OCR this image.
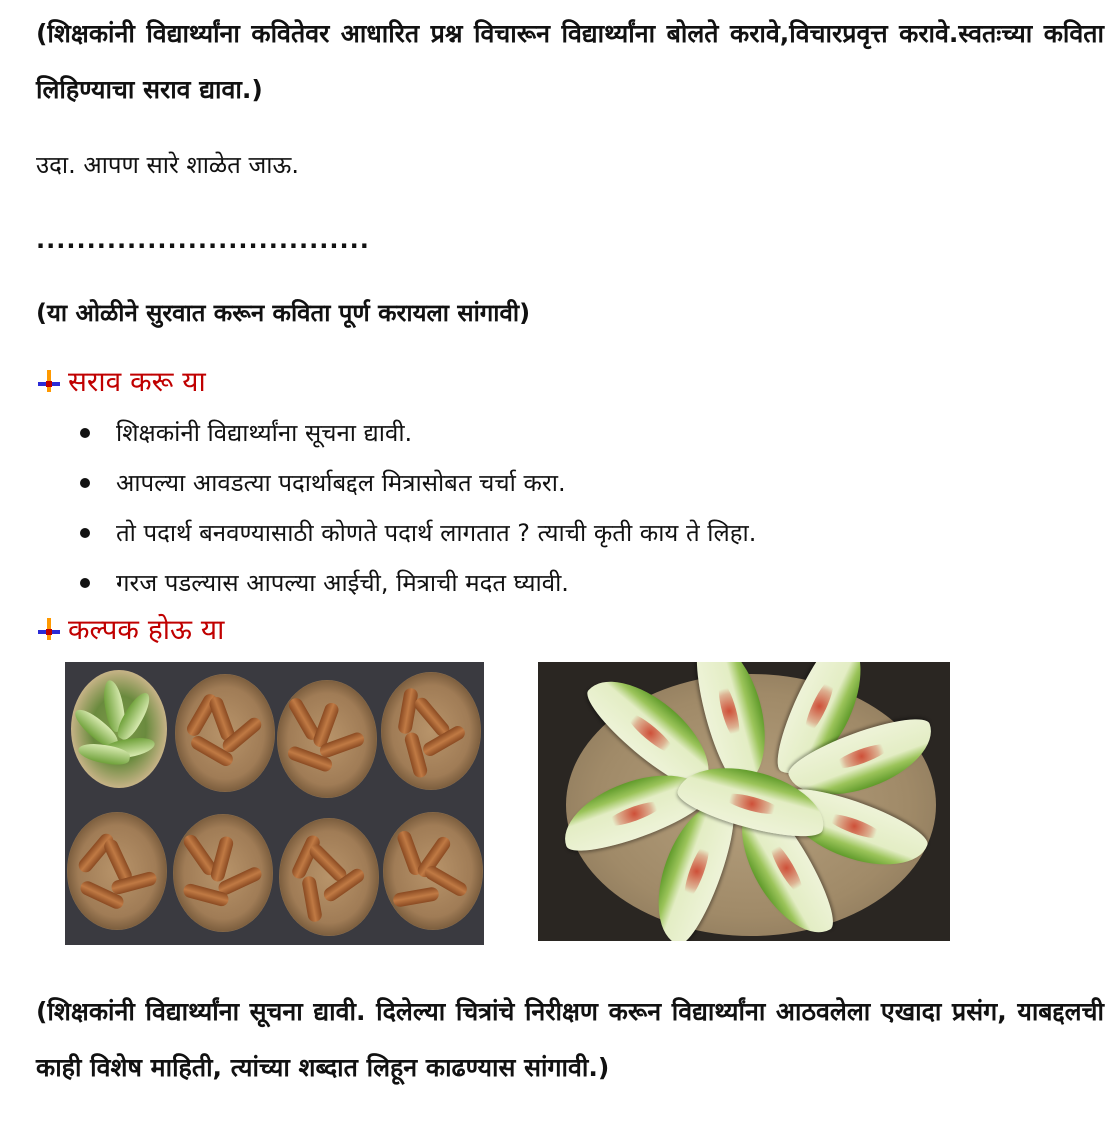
(शिक्षकांनी विद्यार्थ्यांना कवितेवर आधारित प्रश्न विचारून विद्यार्थ्यांना बोलते करावे,विचारप्रवृत्त करावे.स्वतःच्या कविता लिहिण्याचा सराव द्यावा.)

उदा. आपण सारे शाळेत जाऊ.

.................................

(या ओळीने सुरवात करून कविता पूर्ण करायला सांगावी)

सराव करू या
शिक्षकांनी विद्यार्थ्यांना सूचना द्यावी.
आपल्या आवडत्या पदार्थाबद्दल मित्रासोबत चर्चा करा.
तो पदार्थ बनवण्यासाठी कोणते पदार्थ लागतात ? त्याची कृती काय ते लिहा.
गरज पडल्यास आपल्या आईची, मित्राची मदत घ्यावी.
कल्पक होऊ या

(शिक्षकांनी विद्यार्थ्यांना सूचना द्यावी. दिलेल्या चित्रांचे निरीक्षण करून विद्यार्थ्यांना आठवलेला एखादा प्रसंग, याबद्दलची काही विशेष माहिती, त्यांच्या शब्दात लिहून काढण्यास सांगावी.)
